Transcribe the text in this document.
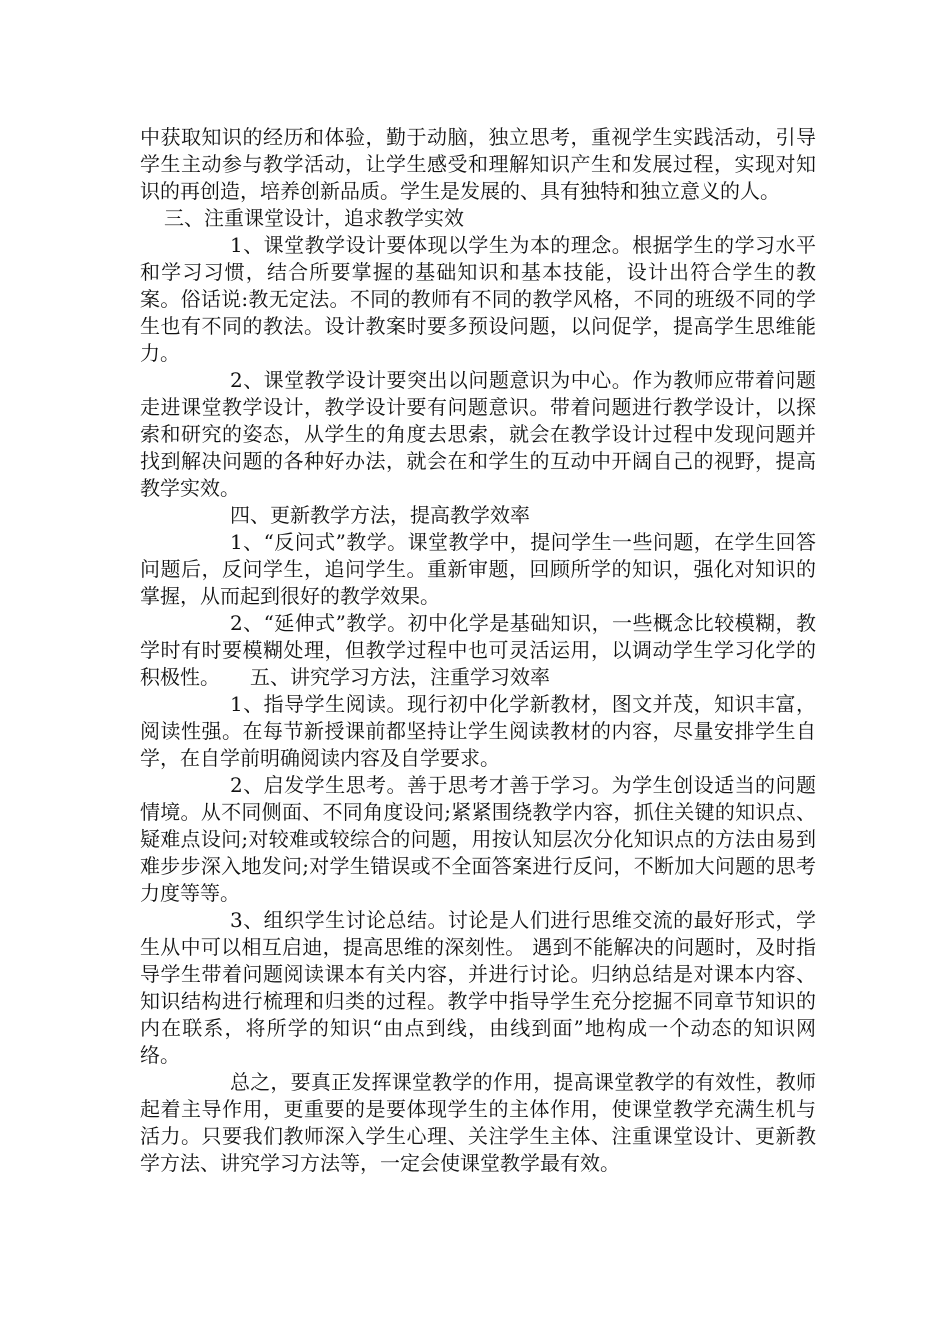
中获取知识的经历和体验，勤于动脑，独立思考，重视学生实践活动，引导学生主动参与教学活动，让学生感受和理解知识产生和发展过程，实现对知识的再创造，培养创新品质。学生是发展的、具有独特和独立意义的人。

三、注重课堂设计，追求教学实效

1、课堂教学设计要体现以学生为本的理念。根据学生的学习水平和学习习惯，结合所要掌握的基础知识和基本技能，设计出符合学生的教案。俗话说:教无定法。不同的教师有不同的教学风格，不同的班级不同的学生也有不同的教法。设计教案时要多预设问题，以问促学，提高学生思维能力。

2、课堂教学设计要突出以问题意识为中心。作为教师应带着问题走进课堂教学设计，教学设计要有问题意识。带着问题进行教学设计，以探索和研究的姿态，从学生的角度去思索，就会在教学设计过程中发现问题并找到解决问题的各种好办法，就会在和学生的互动中开阔自己的视野，提高教学实效。

四、更新教学方法，提高教学效率

1、“反问式”教学。课堂教学中，提问学生一些问题，在学生回答问题后，反问学生，追问学生。重新审题，回顾所学的知识，强化对知识的掌握，从而起到很好的教学效果。

2、“延伸式”教学。初中化学是基础知识，一些概念比较模糊，教学时有时要模糊处理，但教学过程中也可灵活运用，以调动学生学习化学的积极性。　　五、讲究学习方法，注重学习效率

1、指导学生阅读。现行初中化学新教材，图文并茂，知识丰富，阅读性强。在每节新授课前都坚持让学生阅读教材的内容，尽量安排学生自学，在自学前明确阅读内容及自学要求。

2、启发学生思考。善于思考才善于学习。为学生创设适当的问题情境。从不同侧面、不同角度设问;紧紧围绕教学内容，抓住关键的知识点、疑难点设问;对较难或较综合的问题，用按认知层次分化知识点的方法由易到难步步深入地发问;对学生错误或不全面答案进行反问，不断加大问题的思考力度等等。

3、组织学生讨论总结。讨论是人们进行思维交流的最好形式，学生从中可以相互启迪，提高思维的深刻性。 遇到不能解决的问题时，及时指导学生带着问题阅读课本有关内容，并进行讨论。归纳总结是对课本内容、知识结构进行梳理和归类的过程。教学中指导学生充分挖掘不同章节知识的内在联系，将所学的知识“由点到线，由线到面”地构成一个动态的知识网络。

总之，要真正发挥课堂教学的作用，提高课堂教学的有效性，教师起着主导作用，更重要的是要体现学生的主体作用，使课堂教学充满生机与活力。只要我们教师深入学生心理、关注学生主体、注重课堂设计、更新教学方法、讲究学习方法等，一定会使课堂教学最有效。
